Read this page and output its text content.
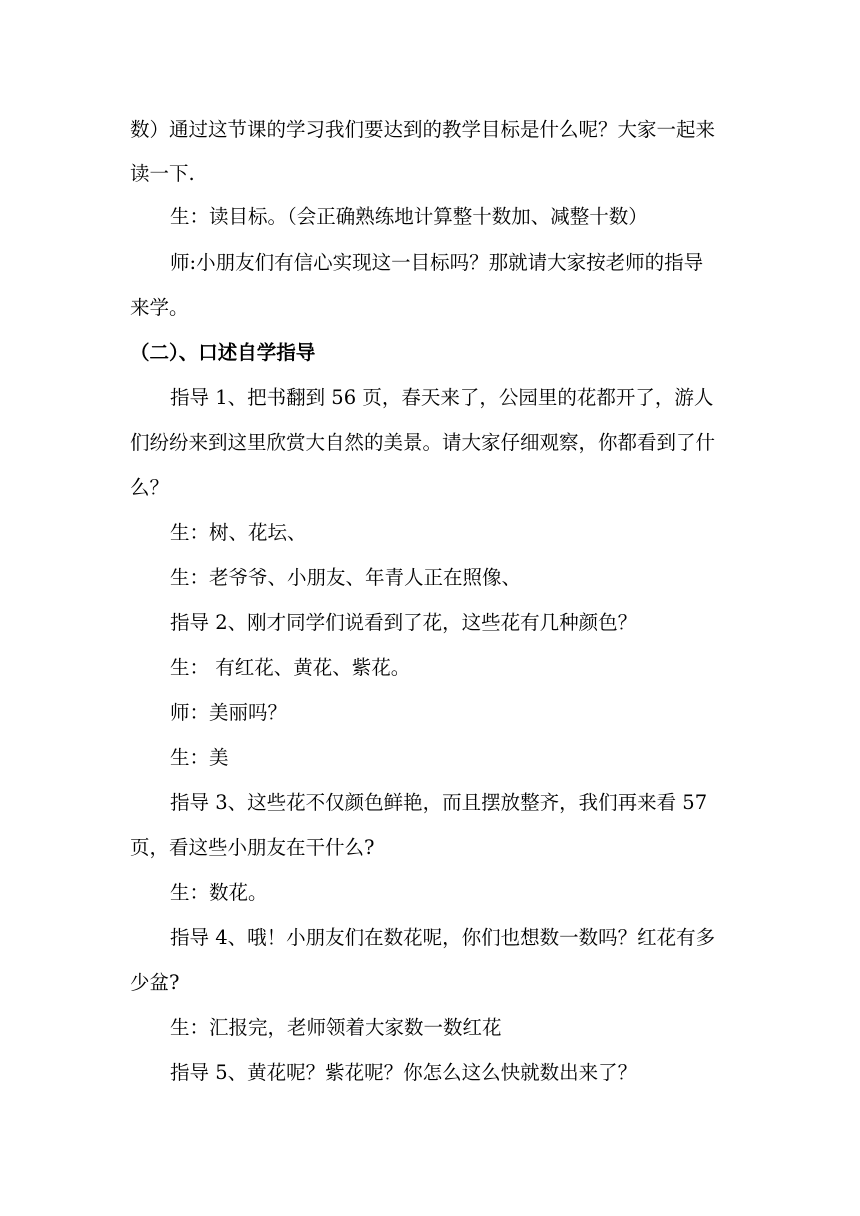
数）通过这节课的学习我们要达到的教学目标是什么呢？大家一起来
读一下.
生：读目标。（会正确熟练地计算整十数加、减整十数）
师:小朋友们有信心实现这一目标吗？那就请大家按老师的指导
来学。
（二）、口述自学指导
指导 1、把书翻到 56 页，春天来了，公园里的花都开了，游人
们纷纷来到这里欣赏大自然的美景。请大家仔细观察，你都看到了什
么？
生：树、花坛、
生：老爷爷、小朋友、年青人正在照像、
指导 2、刚才同学们说看到了花，这些花有几种颜色？
生： 有红花、黄花、紫花。
师：美丽吗？
生：美
指导 3、这些花不仅颜色鲜艳，而且摆放整齐，我们再来看 57
页，看这些小朋友在干什么?
生：数花。
指导 4、哦！小朋友们在数花呢，你们也想数一数吗？红花有多
少盆?
生：汇报完，老师领着大家数一数红花
指导 5、黄花呢？紫花呢？你怎么这么快就数出来了？
